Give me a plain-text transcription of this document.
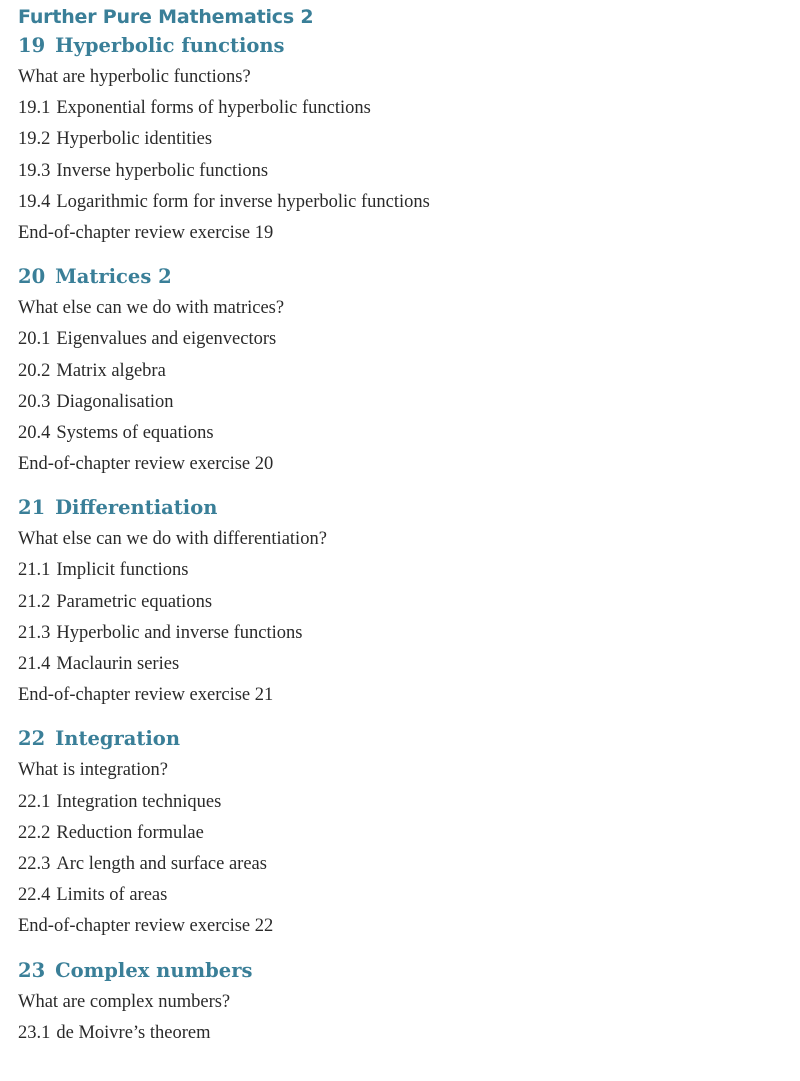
Further Pure Mathematics 2
19 Hyperbolic functions
What are hyperbolic functions?
19.1 Exponential forms of hyperbolic functions
19.2 Hyperbolic identities
19.3 Inverse hyperbolic functions
19.4 Logarithmic form for inverse hyperbolic functions
End-of-chapter review exercise 19
20 Matrices 2
What else can we do with matrices?
20.1 Eigenvalues and eigenvectors
20.2 Matrix algebra
20.3 Diagonalisation
20.4 Systems of equations
End-of-chapter review exercise 20
21 Differentiation
What else can we do with differentiation?
21.1 Implicit functions
21.2 Parametric equations
21.3 Hyperbolic and inverse functions
21.4 Maclaurin series
End-of-chapter review exercise 21
22 Integration
What is integration?
22.1 Integration techniques
22.2 Reduction formulae
22.3 Arc length and surface areas
22.4 Limits of areas
End-of-chapter review exercise 22
23 Complex numbers
What are complex numbers?
23.1 de Moivre’s theorem
